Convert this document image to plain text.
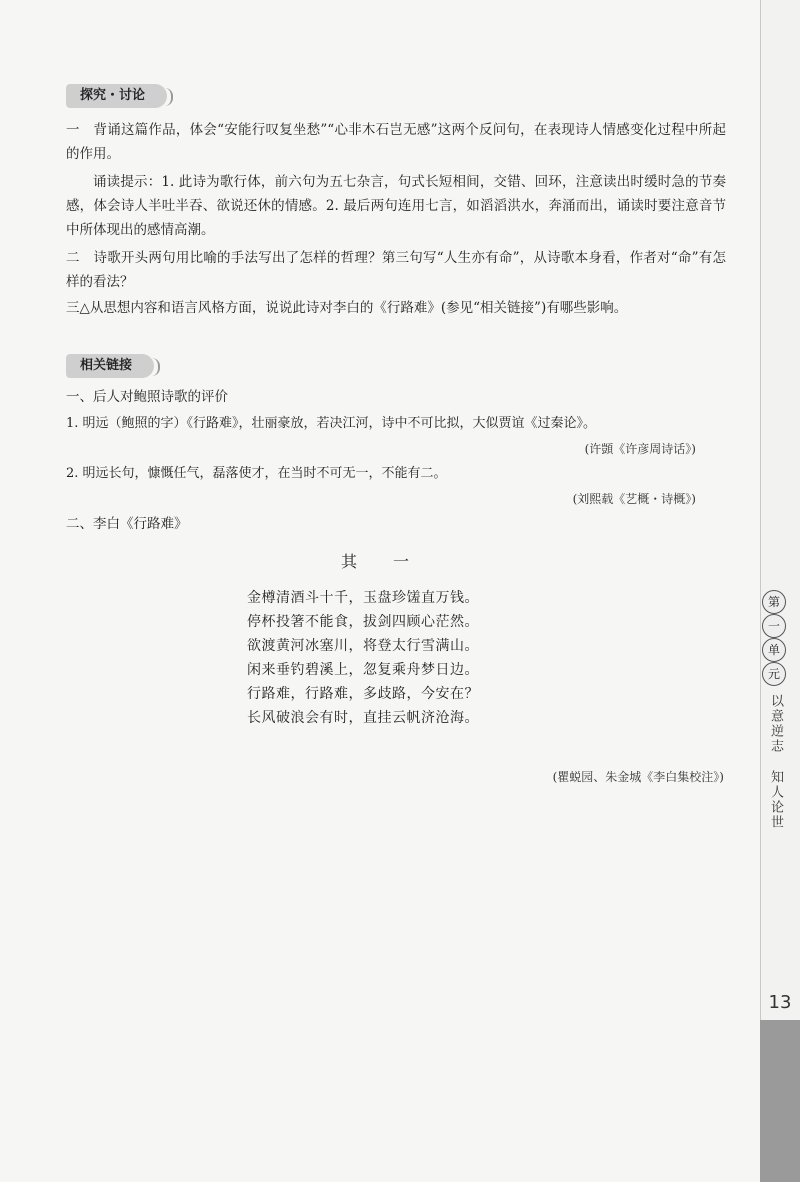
探究・讨论
一　背诵这篇作品，体会“安能行叹复坐愁”“心非木石岂无感”这两个反问句，在表现诗人情感变化过程中所起的作用。
诵读提示：1. 此诗为歌行体，前六句为五七杂言，句式长短相间，交错、回环，注意读出时缓时急的节奏感，体会诗人半吐半吞、欲说还休的情感。2. 最后两句连用七言，如滔滔洪水，奔涌而出，诵读时要注意音节中所体现出的感情高潮。
二　诗歌开头两句用比喻的手法写出了怎样的哲理？第三句写“人生亦有命”，从诗歌本身看，作者对“命”有怎样的看法？
三△从思想内容和语言风格方面，说说此诗对李白的《行路难》(参见“相关链接”)有哪些影响。
相关链接
一、后人对鲍照诗歌的评价
1. 明远（鲍照的字）《行路难》，壮丽豪放，若决江河，诗中不可比拟，大似贾谊《过秦论》。
(许顗《许彦周诗话》)
2. 明远长句，慷慨任气，磊落使才，在当时不可无一，不能有二。
(刘熙载《艺概・诗概》)
二、李白《行路难》
其　一
金樽清酒斗十千，玉盘珍馐直万钱。
停杯投箸不能食，拔剑四顾心茫然。
欲渡黄河冰塞川，将登太行雪满山。
闲来垂钓碧溪上，忽复乘舟梦日边。
行路难，行路难，多歧路，今安在？
长风破浪会有时，直挂云帆济沧海。
(瞿蜕园、朱金城《李白集校注》)
第
一
单
元
以意逆志
知人论世
13
